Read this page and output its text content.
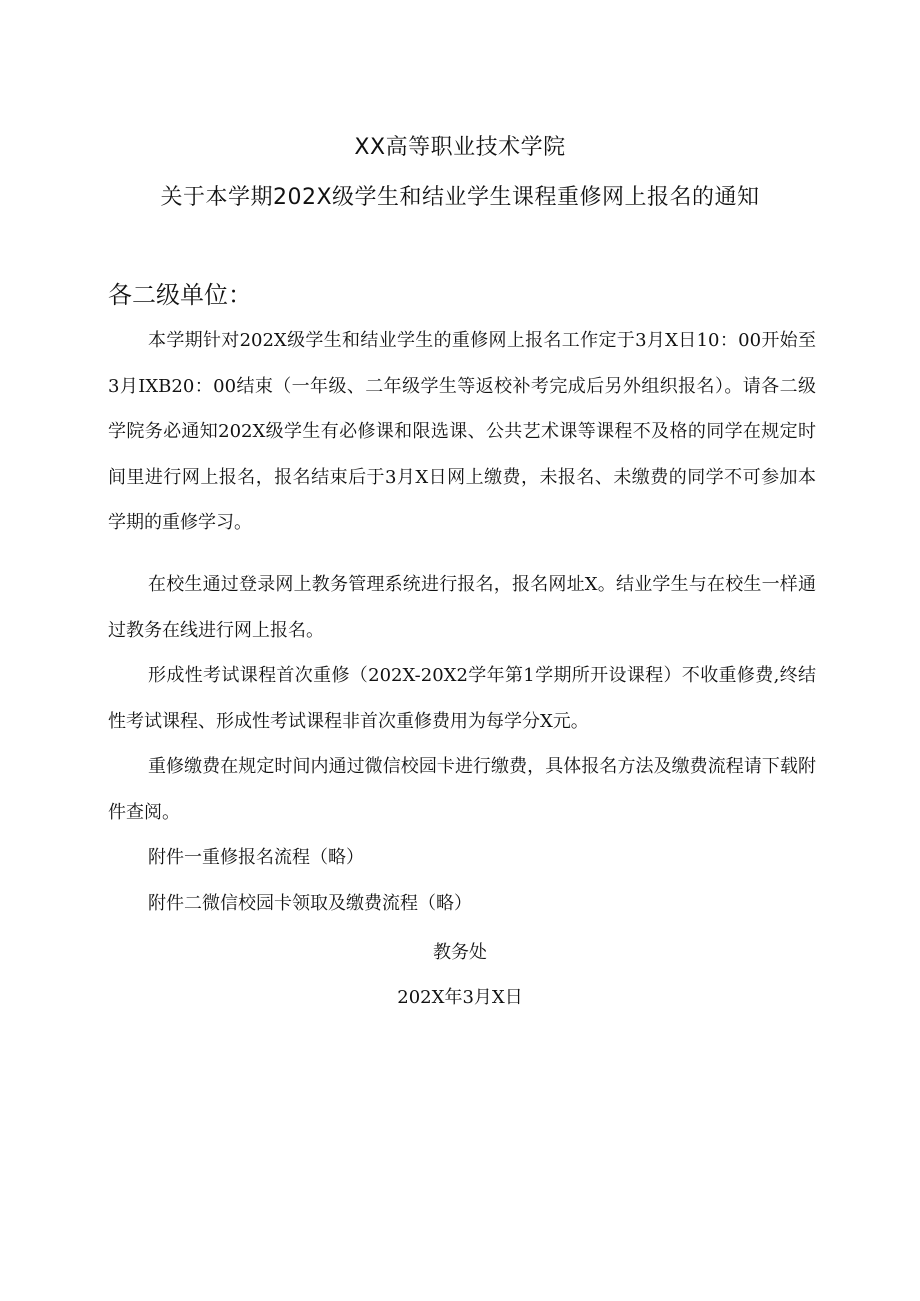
XX高等职业技术学院
关于本学期202X级学生和结业学生课程重修网上报名的通知
各二级单位：

本学期针对202X级学生和结业学生的重修网上报名工作定于3月X日10：00开始至3月IXB20：00结束（一年级、二年级学生等返校补考完成后另外组织报名）。请各二级学院务必通知202X级学生有必修课和限选课、公共艺术课等课程不及格的同学在规定时间里进行网上报名，报名结束后于3月X日网上缴费，未报名、未缴费的同学不可参加本学期的重修学习。

在校生通过登录网上教务管理系统进行报名，报名网址X。结业学生与在校生一样通过教务在线进行网上报名。

形成性考试课程首次重修（202X-20X2学年第1学期所开设课程）不收重修费,终结性考试课程、形成性考试课程非首次重修费用为每学分X元。

重修缴费在规定时间内通过微信校园卡进行缴费，具体报名方法及缴费流程请下载附件查阅。

附件一重修报名流程（略）
附件二微信校园卡领取及缴费流程（略）
教务处
202X年3月X日
